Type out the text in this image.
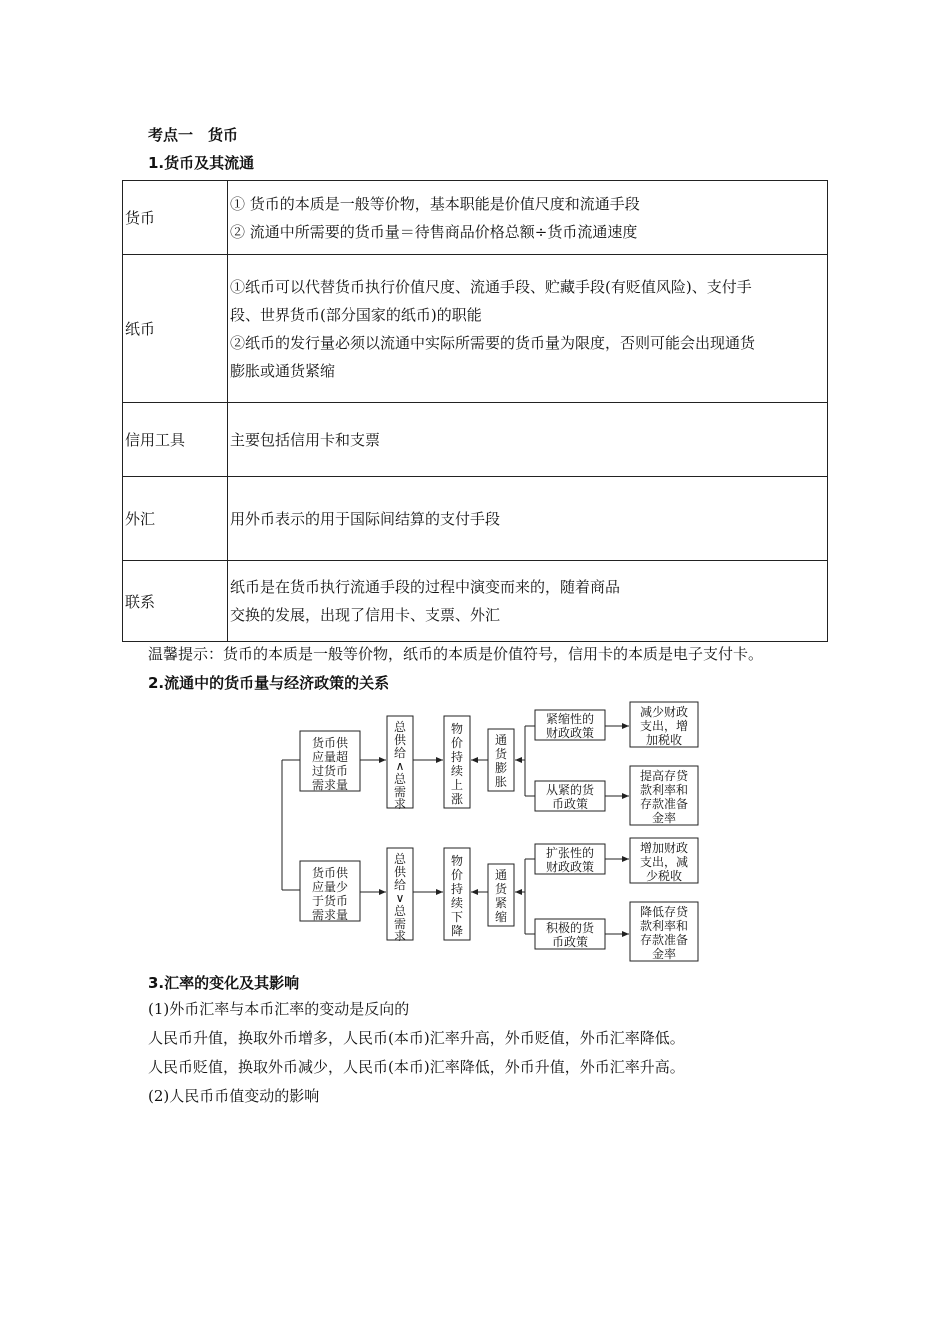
考点一　货币
1.货币及其流通
货币	① 货币的本质是一般等价物，基本职能是价值尺度和流通手段
② 流通中所需要的货币量＝待售商品价格总额÷货币流通速度

纸币	①纸币可以代替货币执行价值尺度、流通手段、贮藏手段(有贬值风险)、支付手
段、世界货币(部分国家的纸币)的职能
②纸币的发行量必须以流通中实际所需要的货币量为限度，否则可能会出现通货
膨胀或通货紧缩

信用工具	主要包括信用卡和支票

外汇	用外币表示的用于国际间结算的支付手段

联系	纸币是在货币执行流通手段的过程中演变而来的，随着商品
交换的发展，出现了信用卡、支票、外汇
温馨提示：货币的本质是一般等价物，纸币的本质是价值符号，信用卡的本质是电子支付卡。
2.流通中的货币量与经济政策的关系
货币供
应量超
过货币
需求量
总
供
给
∧
总
需
求
物
价
持
续
上
涨
通
货
膨
胀
紧缩性的
财政政策
从紧的货
币政策
减少财政
支出，增
加税收
提高存贷
款利率和
存款准备
金率
货币供
应量少
于货币
需求量
总
供
给
∨
总
需
求
物
价
持
续
下
降
通
货
紧
缩
扩张性的
财政政策
积极的货
币政策
增加财政
支出，减
少税收
降低存贷
款利率和
存款准备
金率
3.汇率的变化及其影响
(1)外币汇率与本币汇率的变动是反向的
人民币升值，换取外币增多，人民币(本币)汇率升高，外币贬值，外币汇率降低。
人民币贬值，换取外币减少，人民币(本币)汇率降低，外币升值，外币汇率升高。
(2)人民币币值变动的影响
